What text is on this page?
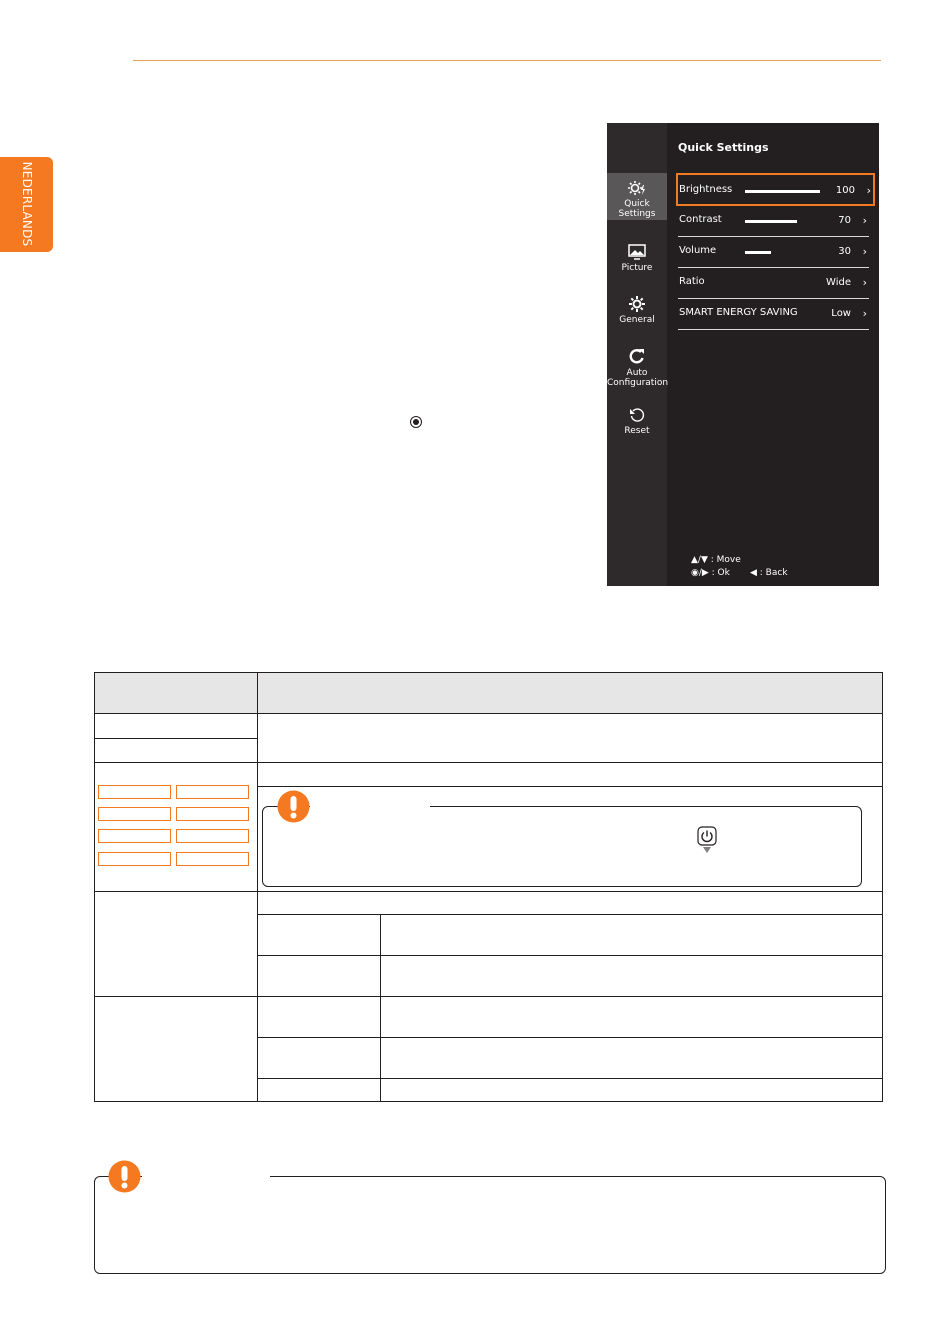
NEDERLANDS	Quick
Settings
Picture
General
Auto
Configuration
Reset
Quick Settings
Brightness	100 ›
Contrast	70 ›
Volume	30 ›
Ratio	Wide ›
SMART ENERGY SAVING	Low ›
▲/▼ : Move
◉/▶ : Ok ◀ : Back
